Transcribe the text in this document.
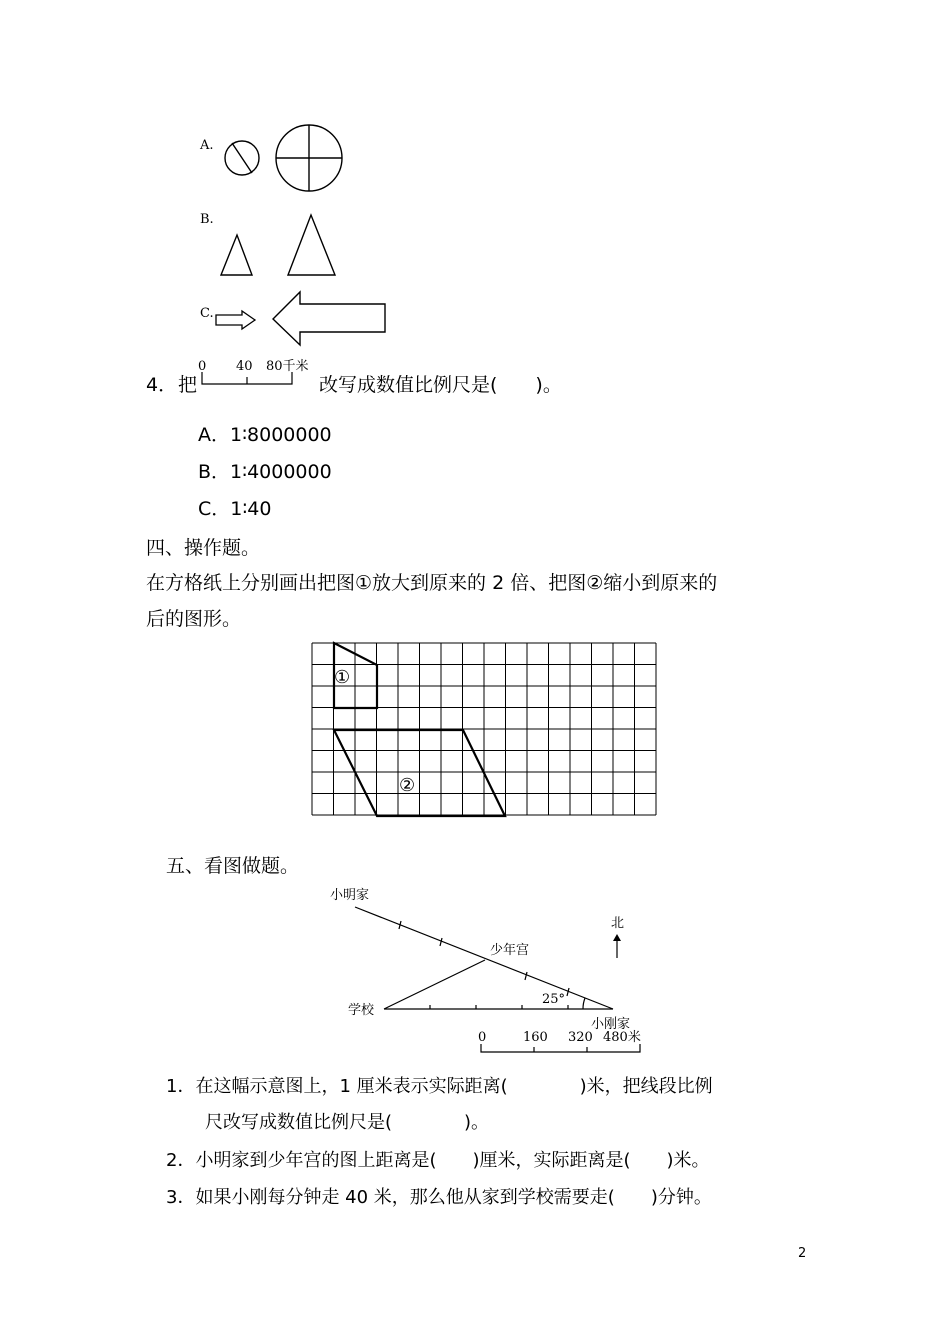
A.
B.
C.
4． 把
0 40 80千米
改写成数值比例尺是(　　)。
A．1∶8000000
B．1∶4000000
C．1∶40
四、操作题。
在方格纸上分别画出把图①放大到原来的 2 倍、把图②缩小到原来的
后的图形。
①
②
五、看图做题。
小明家
少年宫
学校
小刚家
北
25°
0	160 320 480米
1．在这幅示意图上，1 厘米表示实际距离(　　　　)米，把线段比例
尺改写成数值比例尺是(　　　　)。
2．小明家到少年宫的图上距离是(　　)厘米，实际距离是(　　)米。
3．如果小刚每分钟走 40 米，那么他从家到学校需要走(　　)分钟。
2
